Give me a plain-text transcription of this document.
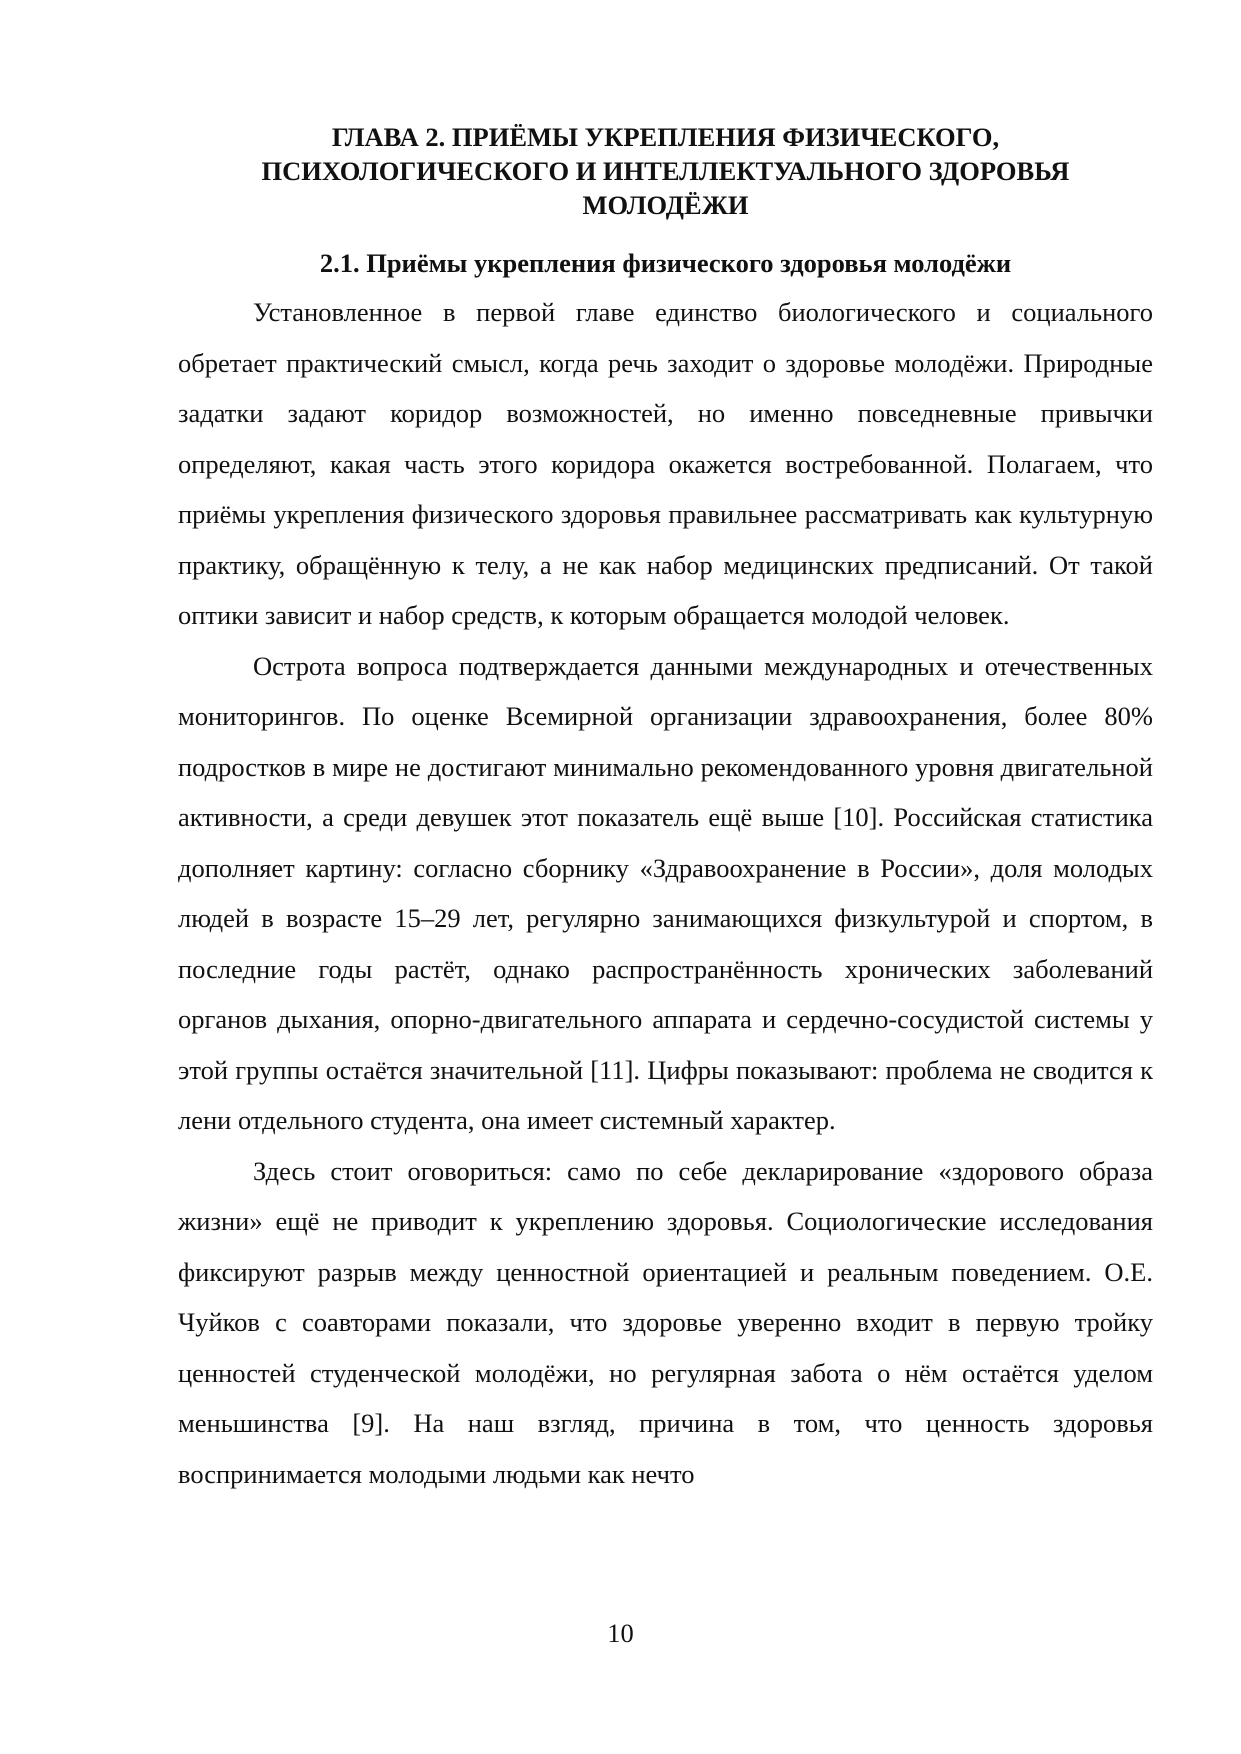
ГЛАВА 2. ПРИЁМЫ УКРЕПЛЕНИЯ ФИЗИЧЕСКОГО,
ПСИХОЛОГИЧЕСКОГО И ИНТЕЛЛЕКТУАЛЬНОГО ЗДОРОВЬЯ
МОЛОДЁЖИ
2.1. Приёмы укрепления физического здоровья молодёжи

Установленное в первой главе единство биологического и социального обретает практический смысл, когда речь заходит о здоровье молодёжи. Природные задатки задают коридор возможностей, но именно повседневные привычки определяют, какая часть этого коридора окажется востребованной. Полагаем, что приёмы укрепления физического здоровья правильнее рассматривать как культурную практику, обращённую к телу, а не как набор медицинских предписаний. От такой оптики зависит и набор средств, к которым обращается молодой человек.

Острота вопроса подтверждается данными международных и отечественных мониторингов. По оценке Всемирной организации здравоохранения, более 80% подростков в мире не достигают минимально рекомендованного уровня двигательной активности, а среди девушек этот показатель ещё выше [10]. Российская статистика дополняет картину: согласно сборнику «Здравоохранение в России», доля молодых людей в возрасте 15–29 лет, регулярно занимающихся физкультурой и спортом, в последние годы растёт, однако распространённость хронических заболеваний органов дыхания, опорно-двигательного аппарата и сердечно-сосудистой системы у этой группы остаётся значительной [11]. Цифры показывают: проблема не сводится к лени отдельного студента, она имеет системный характер.

Здесь стоит оговориться: само по себе декларирование «здорового образа жизни» ещё не приводит к укреплению здоровья. Социологические исследования фиксируют разрыв между ценностной ориентацией и реальным поведением. О.Е. Чуйков с соавторами показали, что здоровье уверенно входит в первую тройку ценностей студенческой молодёжи, но регулярная забота о нём остаётся уделом меньшинства [9]. На наш взгляд, причина в том, что ценность здоровья воспринимается молодыми людьми как нечто

10
